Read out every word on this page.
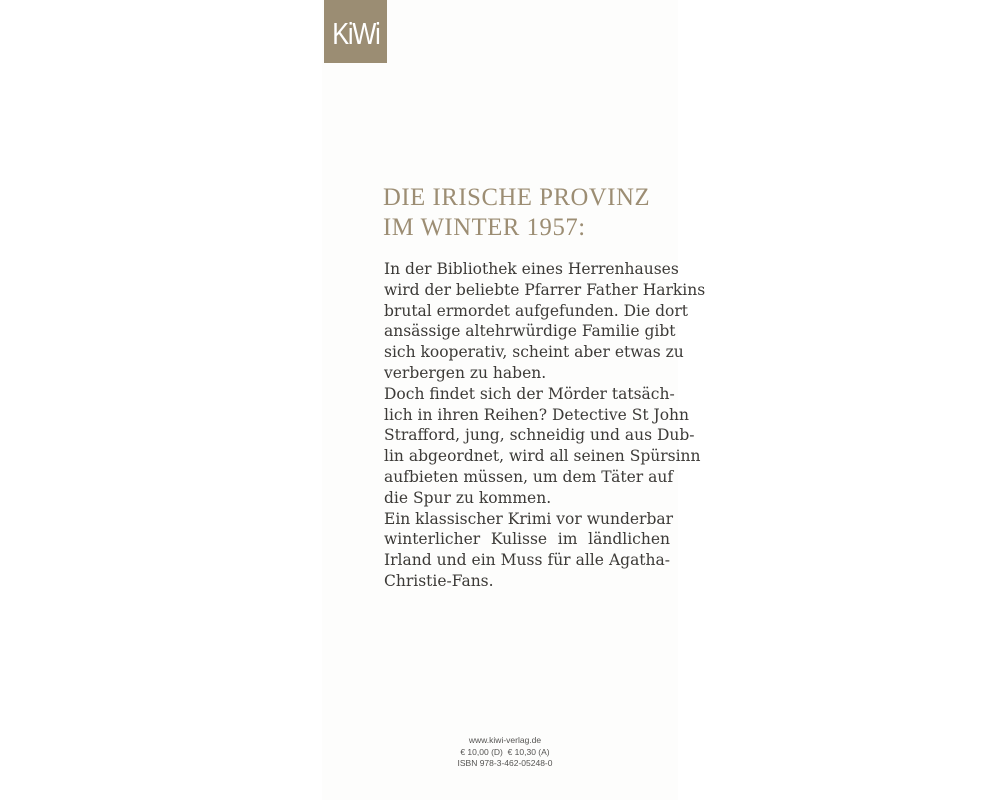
KiWi
DIE IRISCHE PROVINZ
IM WINTER 1957:
In der Bibliothek eines Herrenhauses
wird der beliebte Pfarrer Father Harkins
brutal ermordet aufgefunden. Die dort
ansässige altehrwürdige Familie gibt
sich kooperativ, scheint aber etwas zu
verbergen zu haben.
Doch findet sich der Mörder tatsäch-
lich in ihren Reihen? Detective St John
Strafford, jung, schneidig und aus Dub-
lin abgeordnet, wird all seinen Spürsinn
aufbieten müssen, um dem Täter auf
die Spur zu kommen.
Ein klassischer Krimi vor wunderbar
winterlicher Kulisse im ländlichen
Irland und ein Muss für alle Agatha-
Christie-Fans.
www.kiwi-verlag.de
€ 10,00 (D)  € 10,30 (A)
ISBN 978-3-462-05248-0
